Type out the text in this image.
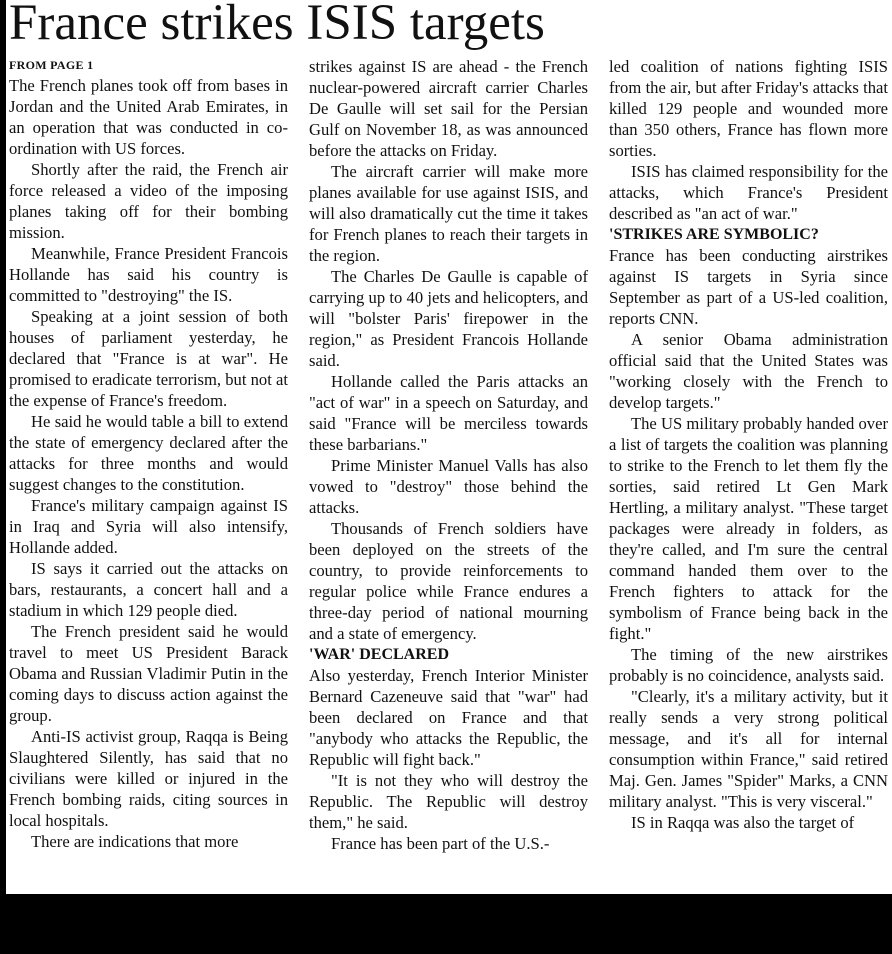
France strikes ISIS targets
FROM PAGE 1

The French planes took off from bases in Jordan and the United Arab Emirates, in an operation that was conducted in co-ordination with US forces.

Shortly after the raid, the French air force released a video of the imposing planes taking off for their bombing mission.

Meanwhile, France President Francois Hollande has said his country is committed to "destroying" the IS.

Speaking at a joint session of both houses of parliament yesterday, he declared that "France is at war". He promised to eradicate terrorism, but not at the expense of France's freedom.

He said he would table a bill to extend the state of emergency declared after the attacks for three months and would suggest changes to the constitution.

France's military campaign against IS in Iraq and Syria will also intensify, Hollande added.

IS says it carried out the attacks on bars, restaurants, a concert hall and a stadium in which 129 people died.

The French president said he would travel to meet US President Barack Obama and Russian Vladimir Putin in the coming days to discuss action against the group.

Anti-IS activist group, Raqqa is Being Slaughtered Silently, has said that no civilians were killed or injured in the French bombing raids, citing sources in local hospitals.

There are indications that more

strikes against IS are ahead - the French nuclear-powered aircraft carrier Charles De Gaulle will set sail for the Persian Gulf on November 18, as was announced before the attacks on Friday.

The aircraft carrier will make more planes available for use against ISIS, and will also dramatically cut the time it takes for French planes to reach their targets in the region.

The Charles De Gaulle is capable of carrying up to 40 jets and helicopters, and will "bolster Paris' firepower in the region," as President Francois Hollande said.

Hollande called the Paris attacks an "act of war" in a speech on Saturday, and said "France will be merciless towards these barbarians."

Prime Minister Manuel Valls has also vowed to "destroy" those behind the attacks.

Thousands of French soldiers have been deployed on the streets of the country, to provide reinforcements to regular police while France endures a three-day period of national mourning and a state of emergency.

'WAR' DECLARED

Also yesterday, French Interior Minister Bernard Cazeneuve said that "war" had been declared on France and that "anybody who attacks the Republic, the Republic will fight back."

"It is not they who will destroy the Republic. The Republic will destroy them," he said.

France has been part of the U.S.-

led coalition of nations fighting ISIS from the air, but after Friday's attacks that killed 129 people and wounded more than 350 others, France has flown more sorties.

ISIS has claimed responsibility for the attacks, which France's President described as "an act of war."

'STRIKES ARE SYMBOLIC?

France has been conducting airstrikes against IS targets in Syria since September as part of a US-led coalition, reports CNN.

A senior Obama administration official said that the United States was "working closely with the French to develop targets."

The US military probably handed over a list of targets the coalition was planning to strike to the French to let them fly the sorties, said retired Lt Gen Mark Hertling, a military analyst. "These target packages were already in folders, as they're called, and I'm sure the central command handed them over to the French fighters to attack for the symbolism of France being back in the fight."

The timing of the new airstrikes probably is no coincidence, analysts said.

"Clearly, it's a military activity, but it really sends a very strong political message, and it's all for internal consumption within France," said retired Maj. Gen. James "Spider" Marks, a CNN military analyst. "This is very visceral."

IS in Raqqa was also the target of
